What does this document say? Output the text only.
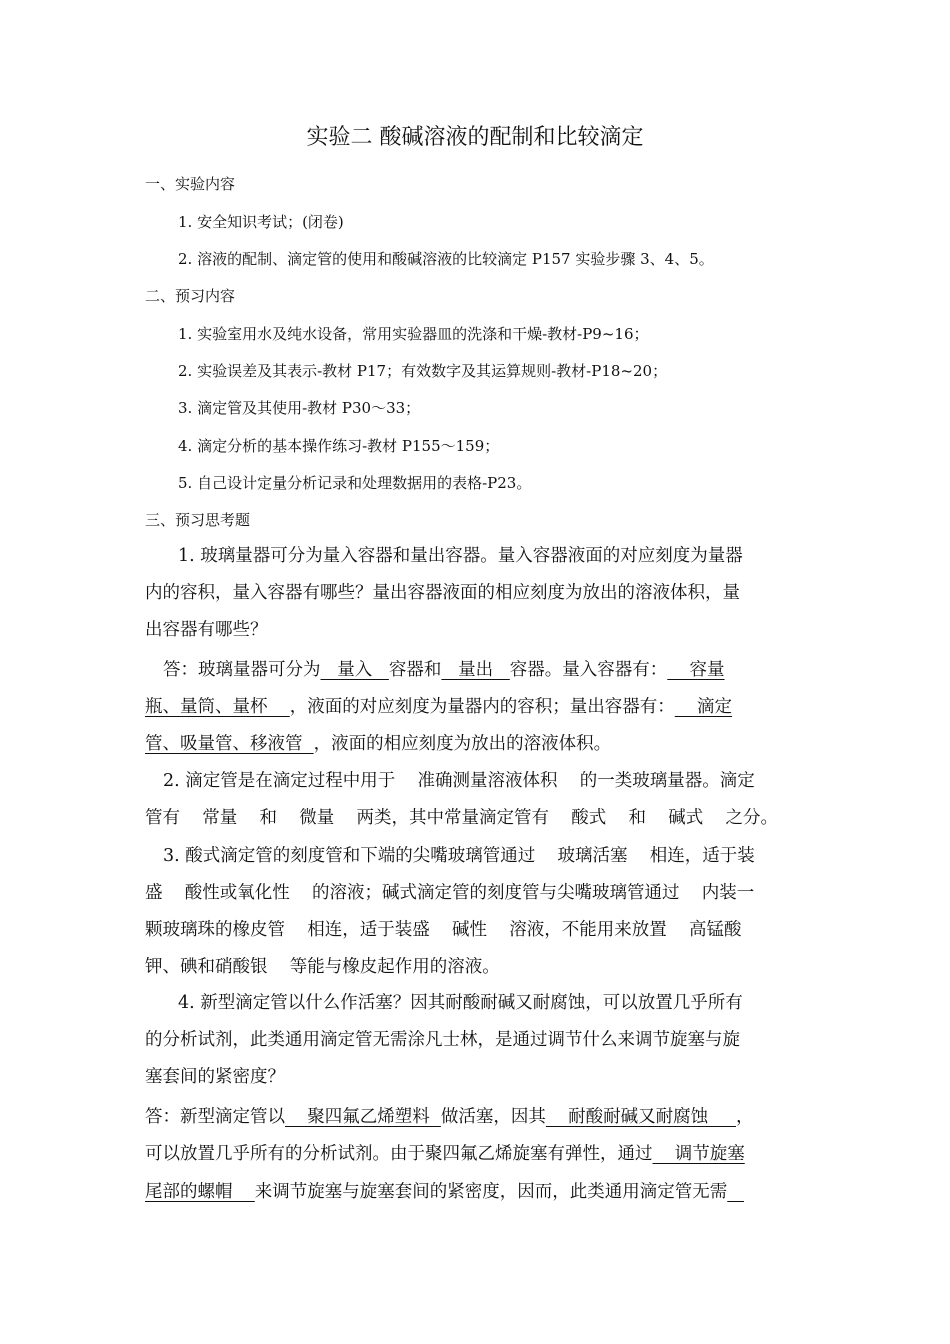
实验二 酸碱溶液的配制和比较滴定
一、实验内容
1. 安全知识考试；(闭卷)
2. 溶液的配制、滴定管的使用和酸碱溶液的比较滴定 P157 实验步骤 3、4、5。
二、预习内容
1. 实验室用水及纯水设备，常用实验器皿的洗涤和干燥-教材-P9~16；
2. 实验误差及其表示-教材 P17；有效数字及其运算规则-教材-P18~20；
3. 滴定管及其使用-教材 P30～33；
4. 滴定分析的基本操作练习-教材 P155～159；
5. 自己设计定量分析记录和处理数据用的表格-P23。
三、预习思考题
1. 玻璃量器可分为量入容器和量出容器。量入容器液面的对应刻度为量器
内的容积，量入容器有哪些？量出容器液面的相应刻度为放出的溶液体积，量
出容器有哪些？
答：玻璃量器可分为   量入   容器和   量出   容器。量入容器有：    容量
瓶、量筒、量杯    ，液面的对应刻度为量器内的容积；量出容器有：    滴定
管、吸量管、移液管  ，液面的相应刻度为放出的溶液体积。
2. 滴定管是在滴定过程中用于    准确测量溶液体积    的一类玻璃量器。滴定
管有    常量    和    微量    两类，其中常量滴定管有    酸式    和    碱式    之分。
3. 酸式滴定管的刻度管和下端的尖嘴玻璃管通过    玻璃活塞    相连，适于装
盛    酸性或氧化性    的溶液；碱式滴定管的刻度管与尖嘴玻璃管通过    内装一
颗玻璃珠的橡皮管    相连，适于装盛    碱性    溶液，不能用来放置    高锰酸
钾、碘和硝酸银    等能与橡皮起作用的溶液。
4. 新型滴定管以什么作活塞？因其耐酸耐碱又耐腐蚀，可以放置几乎所有
的分析试剂，此类通用滴定管无需涂凡士林，是通过调节什么来调节旋塞与旋
塞套间的紧密度？
答：新型滴定管以    聚四氟乙烯塑料  做活塞，因其    耐酸耐碱又耐腐蚀     ，
可以放置几乎所有的分析试剂。由于聚四氟乙烯旋塞有弹性，通过    调节旋塞
尾部的螺帽    来调节旋塞与旋塞套间的紧密度，因而，此类通用滴定管无需
